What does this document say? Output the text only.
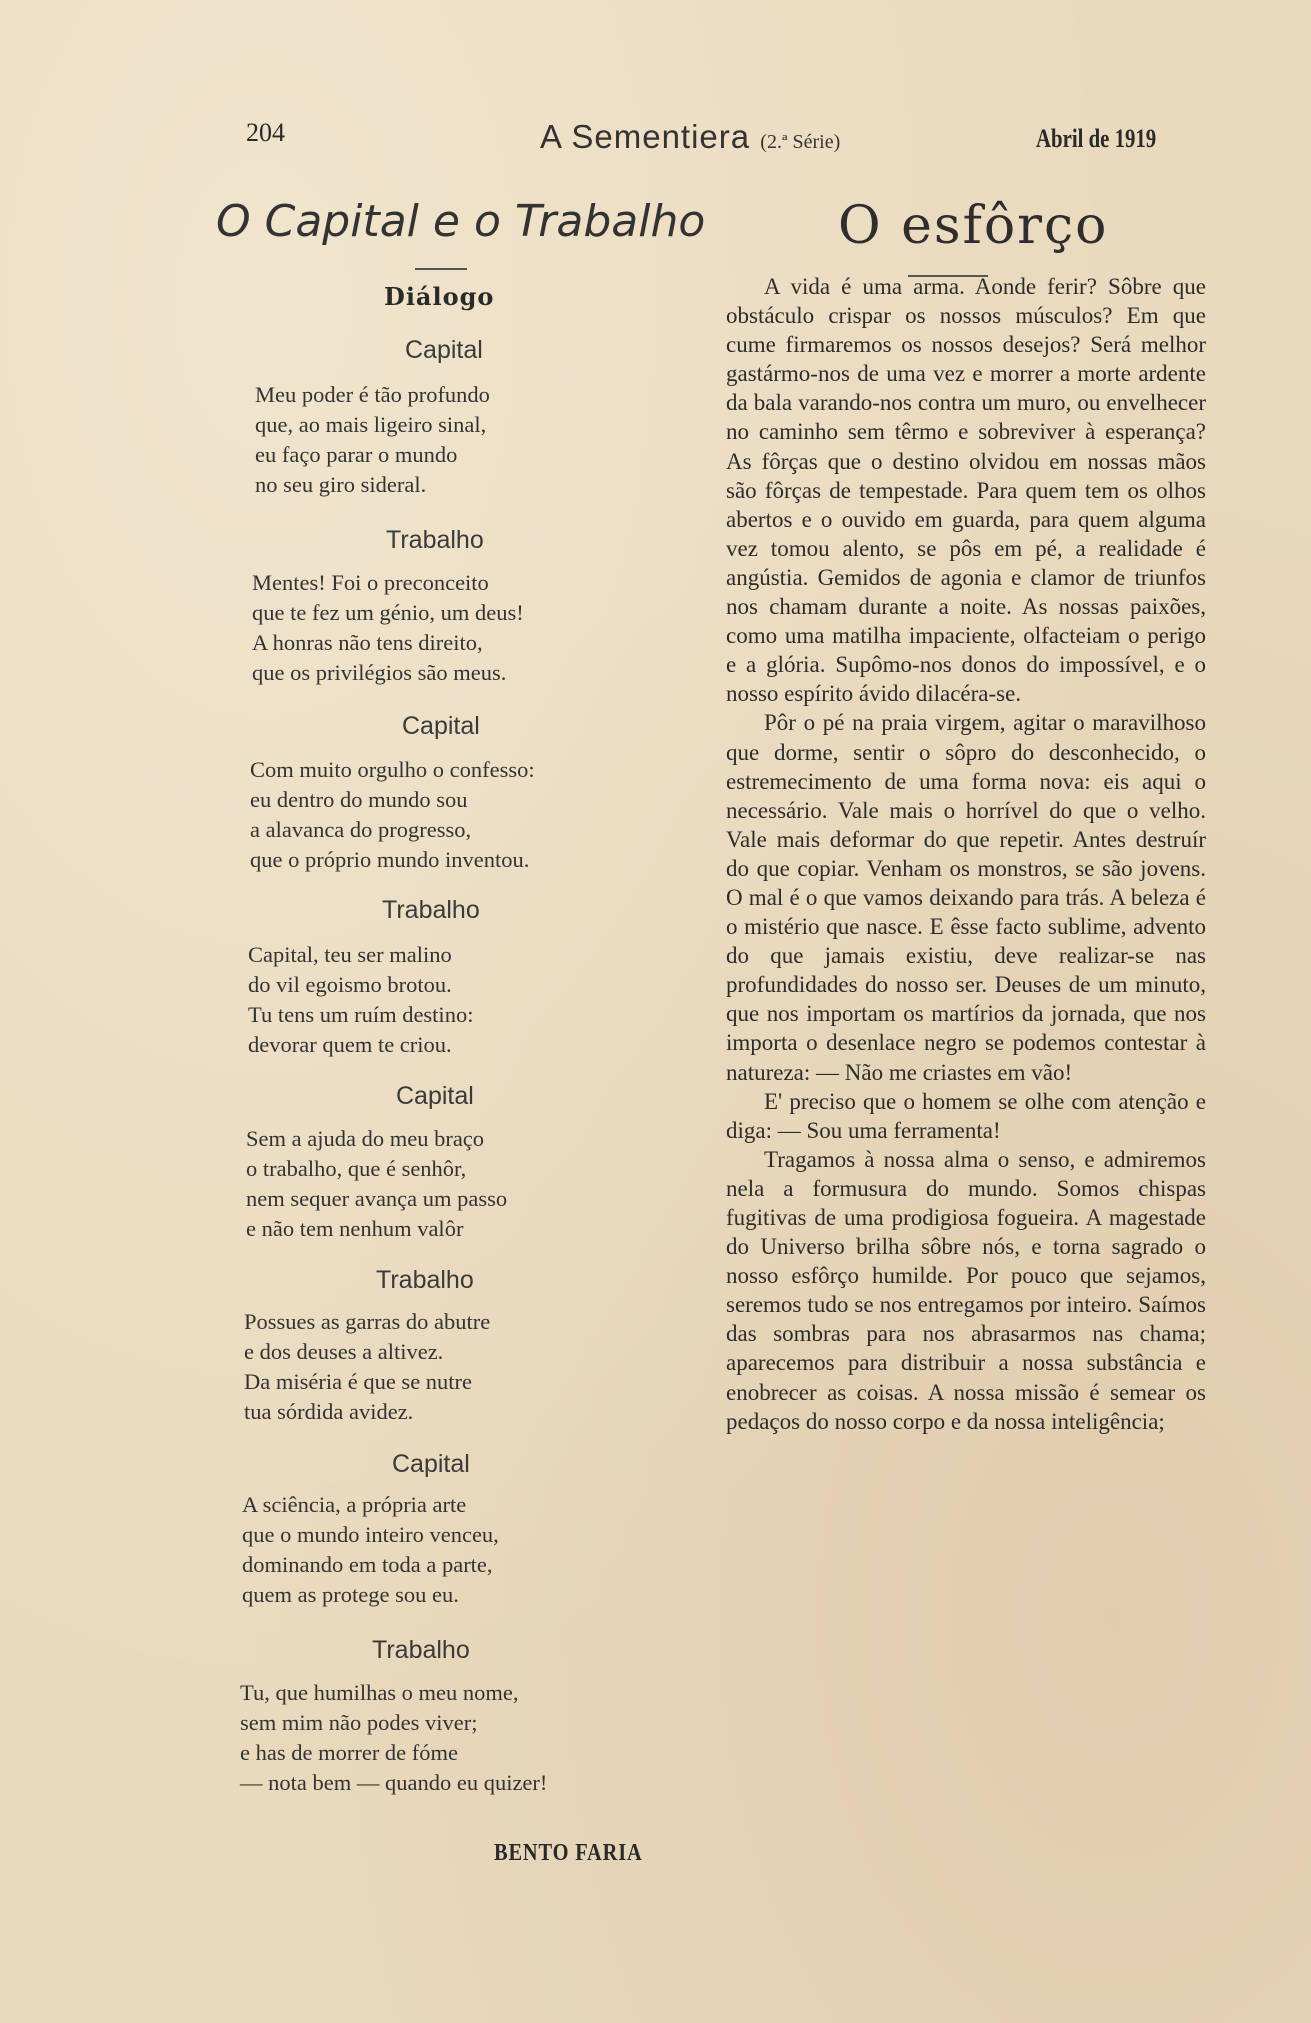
204	A Sementiera (2.ª Série)	Abril de 1919
O Capital e o Trabalho
Diálogo
Capital
Meu poder é tão profundo
que, ao mais ligeiro sinal,
eu faço parar o mundo
no seu giro sideral.
Trabalho
Mentes! Foi o preconceito
que te fez um génio, um deus!
A honras não tens direito,
que os privilégios são meus.
Capital
Com muito orgulho o confesso:
eu dentro do mundo sou
a alavanca do progresso,
que o próprio mundo inventou.
Trabalho
Capital, teu ser malino
do vil egoismo brotou.
Tu tens um ruím destino:
devorar quem te criou.
Capital
Sem a ajuda do meu braço
o trabalho, que é senhôr,
nem sequer avança um passo
e não tem nenhum valôr
Trabalho
Possues as garras do abutre
e dos deuses a altivez.
Da miséria é que se nutre
tua sórdida avidez.
Capital
A sciência, a própria arte
que o mundo inteiro venceu,
dominando em toda a parte,
quem as protege sou eu.
Trabalho
Tu, que humilhas o meu nome,
sem mim não podes viver;
e has de morrer de fóme
— nota bem — quando eu quizer!
BENTO FARIA
O esfôrço

A vida é uma arma. Aonde ferir? Sôbre que obstáculo crispar os nossos músculos? Em que cume firmaremos os nossos desejos? Será melhor gastármo-nos de uma vez e morrer a morte ardente da bala varando-nos contra um muro, ou envelhecer no caminho sem têrmo e sobreviver à esperança? As fôrças que o destino olvidou em nossas mãos são fôrças de tempestade. Para quem tem os olhos abertos e o ouvido em guarda, para quem alguma vez tomou alento, se pôs em pé, a realidade é angústia. Gemidos de agonia e clamor de triunfos nos chamam durante a noite. As nossas paixões, como uma matilha impaciente, olfacteiam o perigo e a glória. Supômo-nos donos do impossível, e o nosso espírito ávido dilacéra-se.

Pôr o pé na praia virgem, agitar o maravilhoso que dorme, sentir o sôpro do desconhecido, o estremecimento de uma forma nova: eis aqui o necessário. Vale mais o horrível do que o velho. Vale mais deformar do que repetir. Antes destruír do que copiar. Venham os monstros, se são jovens. O mal é o que vamos deixando para trás. A beleza é o mistério que nasce. E êsse facto sublime, advento do que jamais existiu, deve realizar-se nas profundidades do nosso ser. Deuses de um minuto, que nos importam os martírios da jornada, que nos importa o desenlace negro se podemos contestar à natureza: — Não me criastes em vão!

E' preciso que o homem se olhe com atenção e diga: — Sou uma ferramenta!

Tragamos à nossa alma o senso, e admiremos nela a formusura do mundo. Somos chispas fugitivas de uma prodigiosa fogueira. A magestade do Universo brilha sôbre nós, e torna sagrado o nosso esfôrço humilde. Por pouco que sejamos, seremos tudo se nos entregamos por inteiro. Saímos das sombras para nos abrasarmos nas chama; aparecemos para distribuir a nossa substância e enobrecer as coisas. A nossa missão é semear os pedaços do nosso corpo e da nossa inteligência;
